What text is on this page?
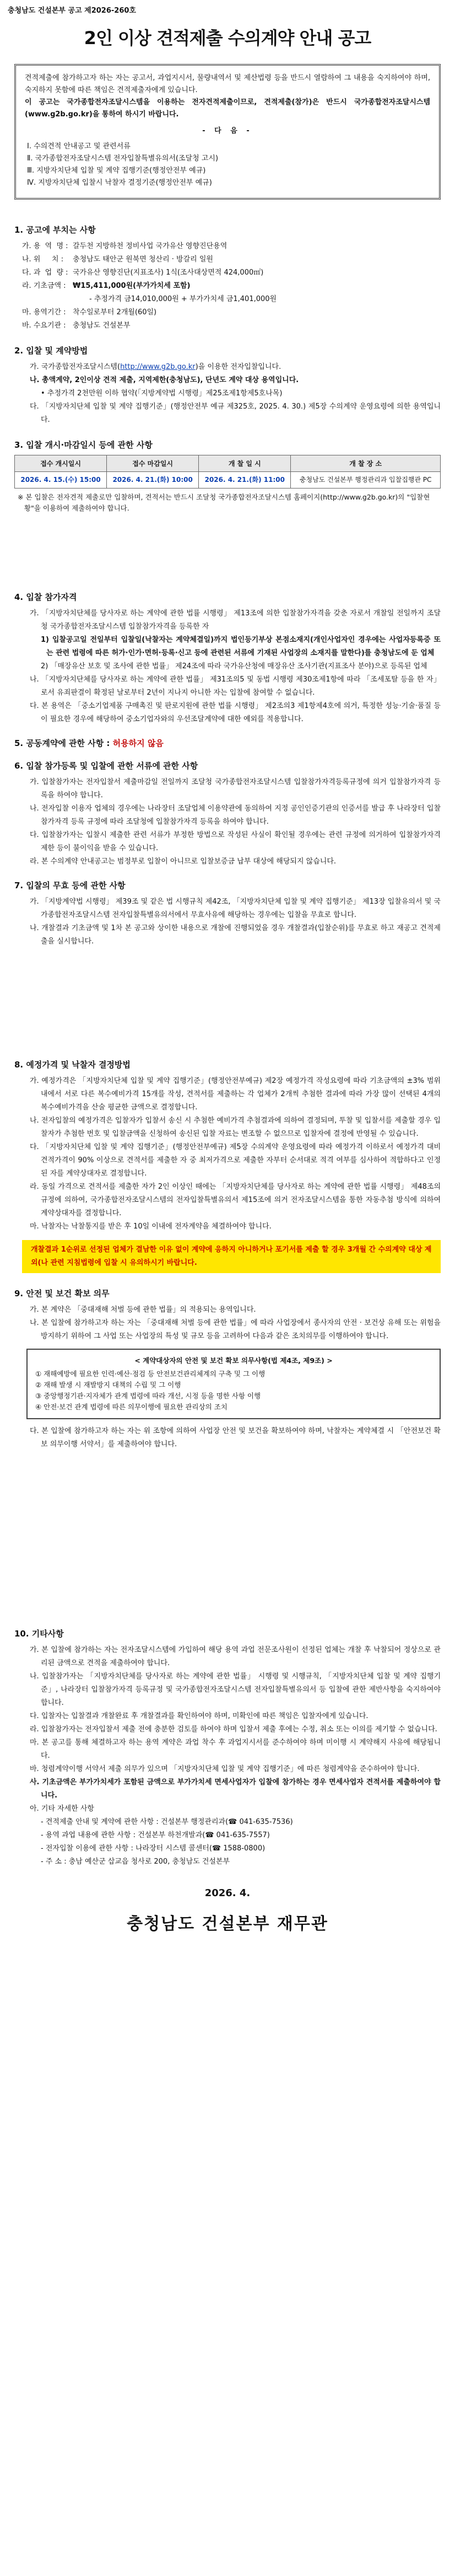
충청남도 건설본부 공고 제2026-260호
2인 이상 견적제출 수의계약 안내 공고
견적제출에 참가하고자 하는 자는 공고서, 과업지시서, 물량내역서 및 제산법령 등을 반드시 열람하여 그 내용을 숙지하여야 하며, 숙지하지 못함에 따른 책임은 견적제출자에게 있습니다.
이 공고는 국가종합전자조달시스템을 이용하는 전자견적제출이므로, 견적제출(참가)은 반드시 국가종합전자조달시스템(www.g2b.go.kr)을 통하여 하시기 바랍니다.
- 다 음 -
Ⅰ. 수의견적 안내공고 및 관련서류
Ⅱ. 국가종합전자조달시스템 전자입찰특별유의서(조달청 고시)
Ⅲ. 지방자치단체 입찰 및 계약 집행기준(행정안전부 예규)
Ⅳ. 지방자치단체 입찰시 낙찰자 결정기준(행정안전부 예규)
1. 공고에 부치는 사항
가. 용  역  명 : 갈두천 지방하천 정비사업 국가유산 영향진단용역
나. 위     치 :	충청남도 태안군 원북면 청산리 · 방갈리 일원
다. 과  업  량 : 국가유산 영향진단(지표조사) 1식(조사대상면적 424,000㎡)
라. 기초금액 : ₩15,411,000원(부가가치세 포함)
- 추정가격 금14,010,000원 + 부가가치세 금1,401,000원
마. 용역기간 : 착수일로부터 2개월(60일)
바. 수요기관 : 충청남도 건설본부
2. 입찰 및 계약방법

가. 국가종합전자조달시스템(http://www.g2b.go.kr)을 이용한 전자입찰입니다.

나. 총액계약, 2인이상 견적 제출, 지역제한(충청남도), 단년도 계약 대상 용역입니다.

• 추정가격 2천만원 이하 협약(「지방계약법 시행령」제25조제1항제5호나목)

다. 「지방자치단체 입찰 및 계약 집행기준」(행정안전부 예규 제325호, 2025. 4. 30.) 제5장 수의계약 운영요령에 의한 용역입니다.

3. 입찰 개시·마감일시 등에 관한 사항
접수 개시일시	접수 마감일시	개 찰 일 시	개 찰 장 소
2026. 4. 15.(수) 15:00	2026. 4. 21.(화) 10:00	2026. 4. 21.(화) 11:00	충청남도 건설본부 행정관리과 입찰집행관 PC
※ 본 입찰은 전자견적 제출로만 입찰하며, 견적서는 반드시 조달청 국가종합전자조달시스템 홈페이지(http://www.g2b.go.kr)의 "입찰현황"을 이용하여 제출하여야 합니다.
4. 입찰 참가자격

가. 「지방자치단체를 당사자로 하는 계약에 관한 법률 시행령」 제13조에 의한 입찰참가자격을 갖춘 자로서 개찰일 전일까지 조달청 국가종합전자조달시스템 입찰참가자격을 등록한 자

1) 입찰공고일 전일부터 입찰일(낙찰자는 계약체결일)까지 법인등기부상 본점소재지(개인사업자인 경우에는 사업자등록증 또는 관련 법령에 따른 허가·인가·면허·등록·신고 등에 관련된 서류에 기재된 사업장의 소재지를 말한다)를 충청남도에 둔 업체

2) 「매장유산 보호 및 조사에 관한 법률」 제24조에 따라 국가유산청에 매장유산 조사기관(지표조사 분야)으로 등록된 업체

나. 「지방자치단체를 당사자로 하는 계약에 관한 법률」 제31조의5 및 동법 시행령 제30조제1항에 따라 「조세포탈 등을 한 자」로서 유죄판결이 확정된 날로부터 2년이 지나지 아니한 자는 입찰에 참여할 수 없습니다.

다. 본 용역은 「중소기업제품 구매촉진 및 판로지원에 관한 법률 시행령」 제2조의3 제1항제4호에 의거, 특정한 성능·기술·품질 등이 필요한 경우에 해당하여 중소기업자와의 우선조달계약에 대한 예외를 적용합니다.

5. 공동계약에 관한 사항 : 허용하지 않음
6. 입찰 참가등록 및 입찰에 관한 서류에 관한 사항

가. 입찰참가자는 전자입찰서 제출마감일 전일까지 조달청 국가종합전자조달시스템 입찰참가자격등록규정에 의거 입찰참가자격 등록을 하여야 합니다.

나. 전자입찰 이용자 업체의 경우에는 나라장터 조달업체 이용약관에 동의하여 지정 공인인증기관의 인증서를 발급 후 나라장터 입찰 참가자격 등록 규정에 따라 조달청에 입찰참가자격 등록을 하여야 합니다.

다. 입찰참가자는 입찰시 제출한 관련 서류가 부정한 방법으로 작성된 사실이 확인될 경우에는 관련 규정에 의거하여 입찰참가자격 제한 등이 불이익을 받을 수 있습니다.

라. 본 수의계약 안내공고는 범정부로 입찰이 아니므로 입찰보증금 납부 대상에 해당되지 않습니다.

7. 입찰의 무효 등에 관한 사항

가. 「지방계약법 시행령」 제39조 및 같은 법 시행규칙 제42조, 「지방자치단체 입찰 및 계약 집행기준」 제13장 입찰유의서 및 국가종합전자조달시스템 전자입찰특별유의서에서 무효사유에 해당하는 경우에는 입찰을 무효로 합니다.

나. 개찰결과 기초금액 및 1차 본 공고와 상이한 내용으로 개찰에 진행되었을 경우 개찰결과(입찰순위)를 무효로 하고 재공고 견적제출을 실시합니다.

8. 예정가격 및 낙찰자 결정방법

가. 예정가격은 「지방자치단체 입찰 및 계약 집행기준」(행정안전부예규) 제2장 예정가격 작성요령에 따라 기초금액의 ±3% 범위내에서 서로 다른 복수예비가격 15개를 작성, 견적서를 제출하는 각 업체가 2개씩 추첨한 결과에 따라 가장 많이 선택된 4개의 복수예비가격을 산술 평균한 금액으로 결정합니다.

나. 전자입찰의 예정가격은 입찰자가 입찰서 송신 시 추첨한 예비가격 추첨결과에 의하여 결정되며, 투찰 및 입찰서를 제출할 경우 입찰자가 추첨한 번호 및 입찰금액을 신청하여 송신된 입찰 자료는 변조할 수 없으므로 입찰자에 결정에 반영될 수 있습니다.

다. 「지방자치단체 입찰 및 계약 집행기준」(행정안전부예규) 제5장 수의계약 운영요령에 따라 예정가격 이하로서 예정가격 대비 견적가격이 90% 이상으로 견적서를 제출한 자 중 최저가격으로 제출한 자부터 순서대로 적격 여부를 심사하여 적합하다고 인정된 자를 계약상대자로 결정합니다.

라. 동일 가격으로 견적서를 제출한 자가 2인 이상인 때에는 「지방자치단체를 당사자로 하는 계약에 관한 법률 시행령」 제48조의 규정에 의하여, 국가종합전자조달시스템의 전자입찰특별유의서 제15조에 의거 전자조달시스템을 통한 자동추첨 방식에 의하여 계약상대자를 결정합니다.

마. 낙찰자는 낙찰통지를 받은 후 10일 이내에 전자계약을 체결하여야 합니다.

개찰결과 1순위로 선정된 업체가 결남한 이유 없이 계약에 응하지 아니하거나 포기서를 제출 할 경우 3개월 간 수의계약 대상 제외(나 관련 지침법령에 입찰 시 유의하시기 바랍니다.
9. 안전 및 보건 확보 의무

가. 본 계약은 「중대재해 처벌 등에 관한 법률」의 적용되는 용역입니다.

나. 본 입찰에 참가하고자 하는 자는 「중대재해 처벌 등에 관한 법률」에 따라 사업장에서 종사자의 안전 · 보건상 유해 또는 위험을 방지하기 위하여 그 사업 또는 사업장의 특성 및 규모 등을 고려하여 다음과 같은 조치의무를 이행하여야 합니다.

< 계약대상자의 안전 및 보건 확보 의무사항(법 제4조, 제9조) >
① 재해예방에 필요한 인력·예산·점검 등 안전보건관리체계의 구축 및 그 이행
② 재해 발생 시 재발방지 대책의 수립 및 그 이행
③ 중앙행정기관·지자체가 관계 법령에 따라 개선, 시정 등을 명한 사항 이행
④ 안전·보건 관계 법령에 따른 의무이행에 필요한 관리상의 조치

다. 본 입찰에 참가하고자 하는 자는 위 조항에 의하여 사업장 안전 및 보건을 확보하여야 하며, 낙찰자는 계약체결 시 「안전보건 확보 의무이행 서약서」를 제출하여야 합니다.

10. 기타사항

가. 본 입찰에 참가하는 자는 전자조달시스템에 가입하여 해당 용역 과업 전문조사원이 선정된 업체는 개찰 후 낙찰되어 정상으로 관리된 금액으로 견적을 제출하여야 합니다.

나. 입찰참가자는 「지방자치단체를 당사자로 하는 계약에 관한 법률」 시행령 및 시행규칙, 「지방자치단체 입찰 및 계약 집행기준」, 나라장터 입찰참가자격 등록규정 및 국가종합전자조달시스템 전자입찰특별유의서 등 입찰에 관한 제반사항을 숙지하여야 합니다.

다. 입찰자는 입찰결과 개찰완료 후 개찰결과를 확인하여야 하며, 미확인에 따른 책임은 입찰자에게 있습니다.

라. 입찰참가자는 전자입찰서 제출 전에 충분한 검토를 하여야 하며 입찰서 제출 후에는 수정, 취소 또는 이의를 제기할 수 없습니다.

마. 본 공고를 통해 체결하고자 하는 용역 계약은 과업 착수 후 과업지시서를 준수하여야 하며 미이행 시 계약해지 사유에 해당됩니다.

바. 청렴계약이행 서약서 제출 의무가 있으며 「지방자치단체 입찰 및 계약 집행기준」에 따른 청렴계약을 준수하여야 합니다.

사. 기초금액은 부가가치세가 포함된 금액으로 부가가치세 면세사업자가 입찰에 참가하는 경우 면세사업자 견적서를 제출하여야 합니다.

아. 기타 자세한 사항

- 견적제출 안내 및 계약에 관한 사항 : 건설본부 행정관리과(☎ 041-635-7536)

- 용역 과업 내용에 관한 사항 : 건설본부 하천개발과(☎ 041-635-7557)

- 전자입찰 이용에 관한 사항 : 나라장터 시스템 콜센터(☎ 1588-0800)

- 주 소 : 충남 예산군 삽교읍 청사로 200, 충청남도 건설본부

2026. 4.
충청남도 건설본부 재무관
